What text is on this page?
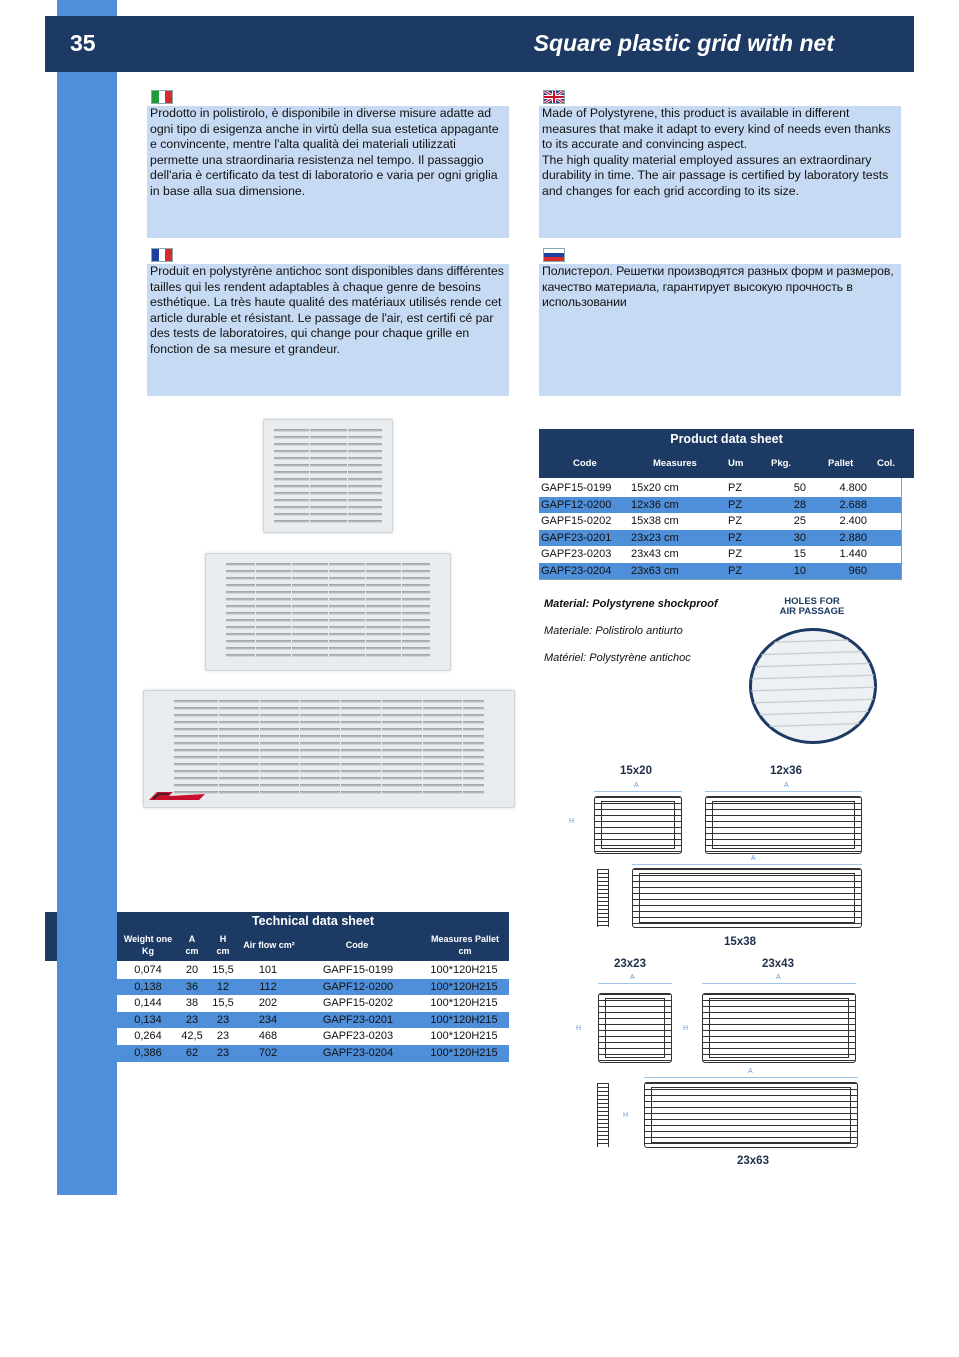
35	Square plastic grid with net
Prodotto in polistirolo, è disponibile in diverse misure adatte ad ogni tipo di esigenza anche in virtù della sua estetica appagante e convincente, mentre l'alta qualità dei materiali utilizzati permette una straordinaria resistenza nel tempo. Il passaggio dell'aria è certificato da test di laboratorio e varia per ogni griglia in base alla sua dimensione.
Made of Polystyrene, this product is available in different measures that make it adapt to every kind of needs even thanks to its accurate and convincing aspect.
The high quality material employed assures an extraordinary durability in time. The air passage is certified by laboratory tests and changes for each grid according to its size.
Produit en polystyrène antichoc sont disponibles dans différentes tailles qui les rendent adaptables à chaque genre de besoins esthétique. La très haute qualité des matériaux utilisés rende cet article durable et résistant. Le passage de l'air, est certifi cé par des tests de laboratoires, qui change pour chaque grille en fonction de sa mesure et grandeur.
Полистерол. Решетки производятся разных форм и размеров, качество материала, гарантирует высокую прочность в использовании
Product data sheet
Code	Measures	Um	Pkg.	Pallet Col.
GAPF15-0199 15x20 cm	PZ	50	4.800
GAPF12-0200 12x36 cm	PZ	28	2.688
GAPF15-0202 15x38 cm	PZ	25	2.400
GAPF23-0201 23x23 cm	PZ	30	2.880
GAPF23-0203 23x43 cm	PZ	15	1.440
GAPF23-0204 23x63 cm	PZ	10	960
Material: Polystyrene shockproof
Materiale: Polistirolo antiurto
Matériel: Polystyrène antichoc
HOLES FOR
AIR PASSAGE
15x20	12x36
15x38
23x23	23x43
23x63
A
H
A
A
A
H
A
H
A
H
Technical data sheet
Weight one
Kg
A
cm
H
cm
Air flow cm²	Code
Measures Pallet
cm
0,074	20	15,5	101	GAPF15-0199	100*120H215
0,138	36	12	112	GAPF12-0200	100*120H215
0,144	38	15,5	202	GAPF15-0202	100*120H215
0,134	23	23	234	GAPF23-0201	100*120H215
0,264	42,5	23	468	GAPF23-0203	100*120H215
0,386	62	23	702	GAPF23-0204	100*120H215
